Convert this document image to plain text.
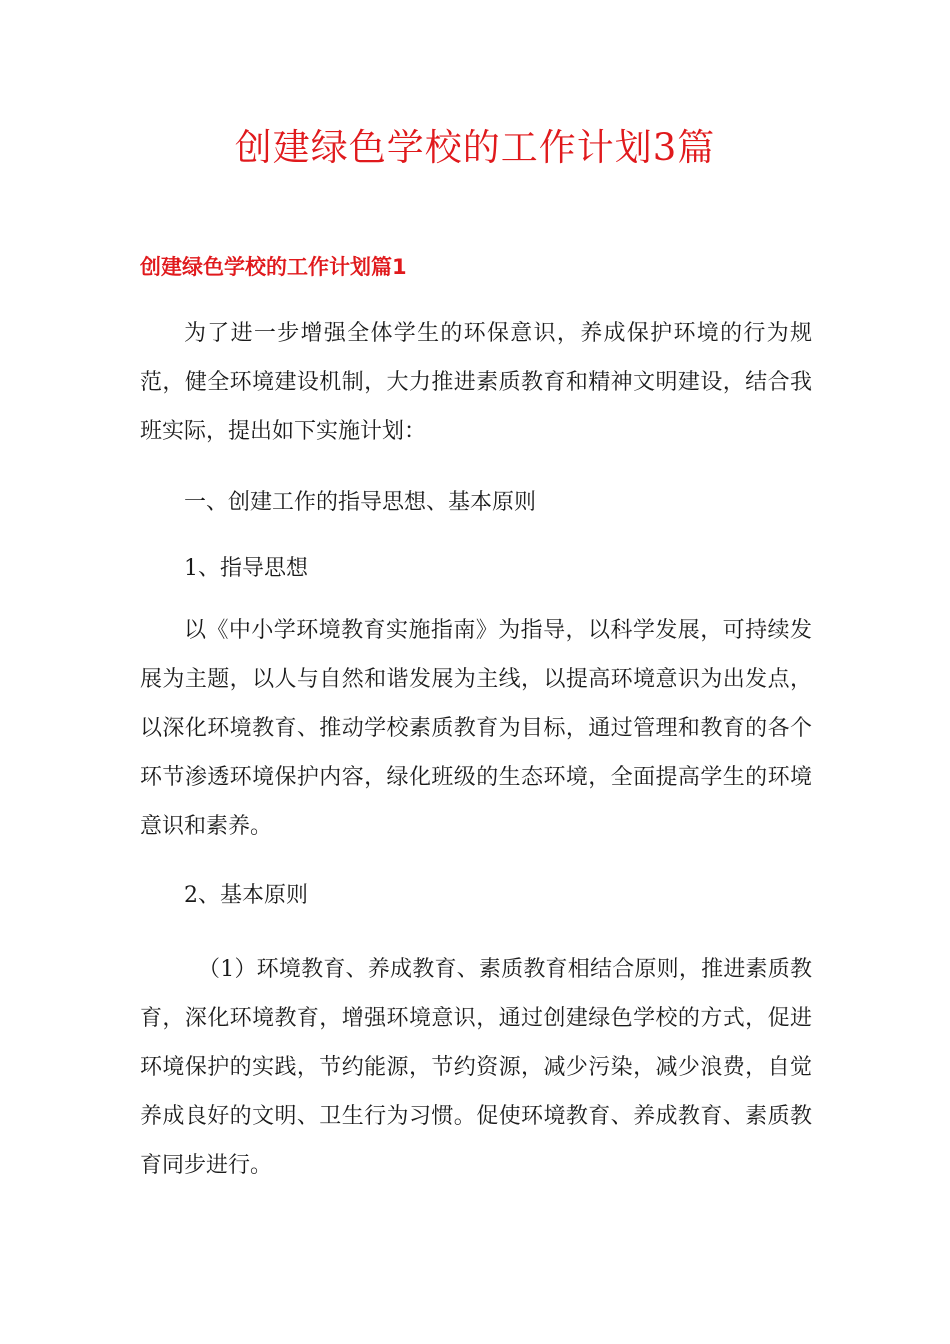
创建绿色学校的工作计划3篇
创建绿色学校的工作计划篇1

为了进一步增强全体学生的环保意识，养成保护环境的行为规范，健全环境建设机制，大力推进素质教育和精神文明建设，结合我班实际，提出如下实施计划：

一、创建工作的指导思想、基本原则

1、指导思想

以《中小学环境教育实施指南》为指导，以科学发展，可持续发展为主题，以人与自然和谐发展为主线，以提高环境意识为出发点，以深化环境教育、推动学校素质教育为目标，通过管理和教育的各个环节渗透环境保护内容，绿化班级的生态环境，全面提高学生的环境意识和素养。

2、基本原则

（1）环境教育、养成教育、素质教育相结合原则，推进素质教育，深化环境教育，增强环境意识，通过创建绿色学校的方式，促进环境保护的实践，节约能源，节约资源，减少污染，减少浪费，自觉养成良好的文明、卫生行为习惯。促使环境教育、养成教育、素质教育同步进行。
